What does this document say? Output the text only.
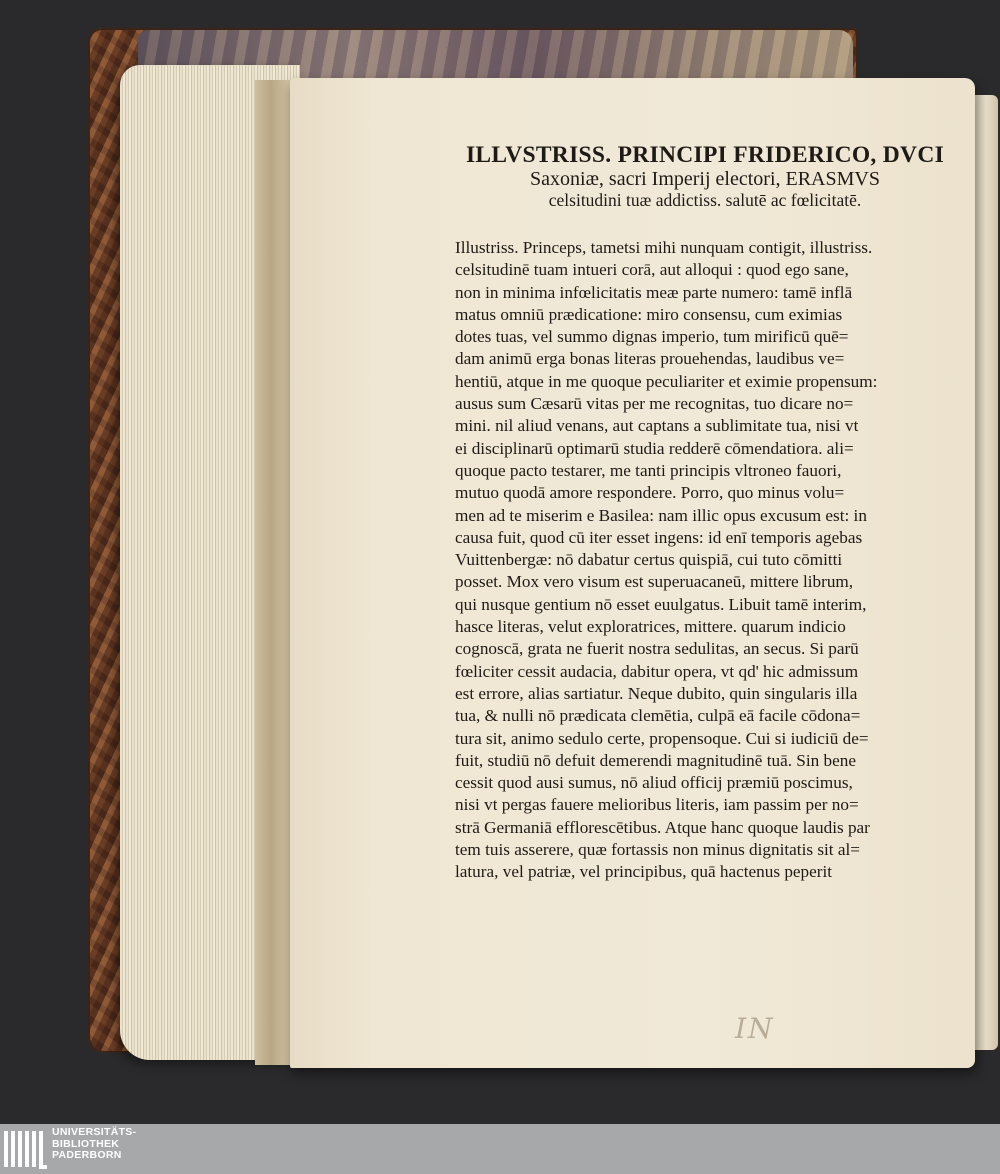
ILLVSTRISS. PRINCIPI FRIDERICO, DVCI
Saxoniæ, sacri Imperij electori, ERASMVS
celsitudini tuæ addictiss. salutē ac fœlicitatē.
Illustriss. Princeps, tametsi mihi nunquam contigit, illustriss.
celsitudinē tuam intueri corā, aut alloqui : quod ego sane,
non in minima infœlicitatis meæ parte numero: tamē inflā
matus omniū prædicatione: miro consensu, cum eximias
dotes tuas, vel summo dignas imperio, tum mirificū quē=
dam animū erga bonas literas prouehendas, laudibus ve=
hentiū, atque in me quoque peculiariter et eximie propensum:
ausus sum Cæsarū vitas per me recognitas, tuo dicare no=
mini. nil aliud venans, aut captans a sublimitate tua, nisi vt
ei disciplinarū optimarū studia redderē cōmendatiora. ali=
quoque pacto testarer, me tanti principis vltroneo fauori,
mutuo quodā amore respondere. Porro, quo minus volu=
men ad te miserim e Basilea: nam illic opus excusum est: in
causa fuit, quod cū iter esset ingens: id enī temporis agebas
Vuittenbergæ: nō dabatur certus quispiā, cui tuto cōmitti
posset. Mox vero visum est superuacaneū, mittere librum,
qui nusque gentium nō esset euulgatus. Libuit tamē interim,
hasce literas, velut exploratrices, mittere. quarum indicio
cognoscā, grata ne fuerit nostra sedulitas, an secus. Si parū
fœliciter cessit audacia, dabitur opera, vt qd' hic admissum
est errore, alias sartiatur. Neque dubito, quin singularis illa
tua, & nulli nō prædicata clemētia, culpā eā facile cōdona=
tura sit, animo sedulo certe, propensoque. Cui si iudiciū de=
fuit, studiū nō defuit demerendi magnitudinē tuā. Sin bene
cessit quod ausi sumus, nō aliud officij præmiū poscimus,
nisi vt pergas fauere melioribus literis, iam passim per no=
strā Germaniā efflorescētibus. Atque hanc quoque laudis par
tem tuis asserere, quæ fortassis non minus dignitatis sit al=
latura, vel patriæ, vel principibus, quā hactenus peperit
IN
UNIVERSITÄTS-
BIBLIOTHEK
PADERBORN
